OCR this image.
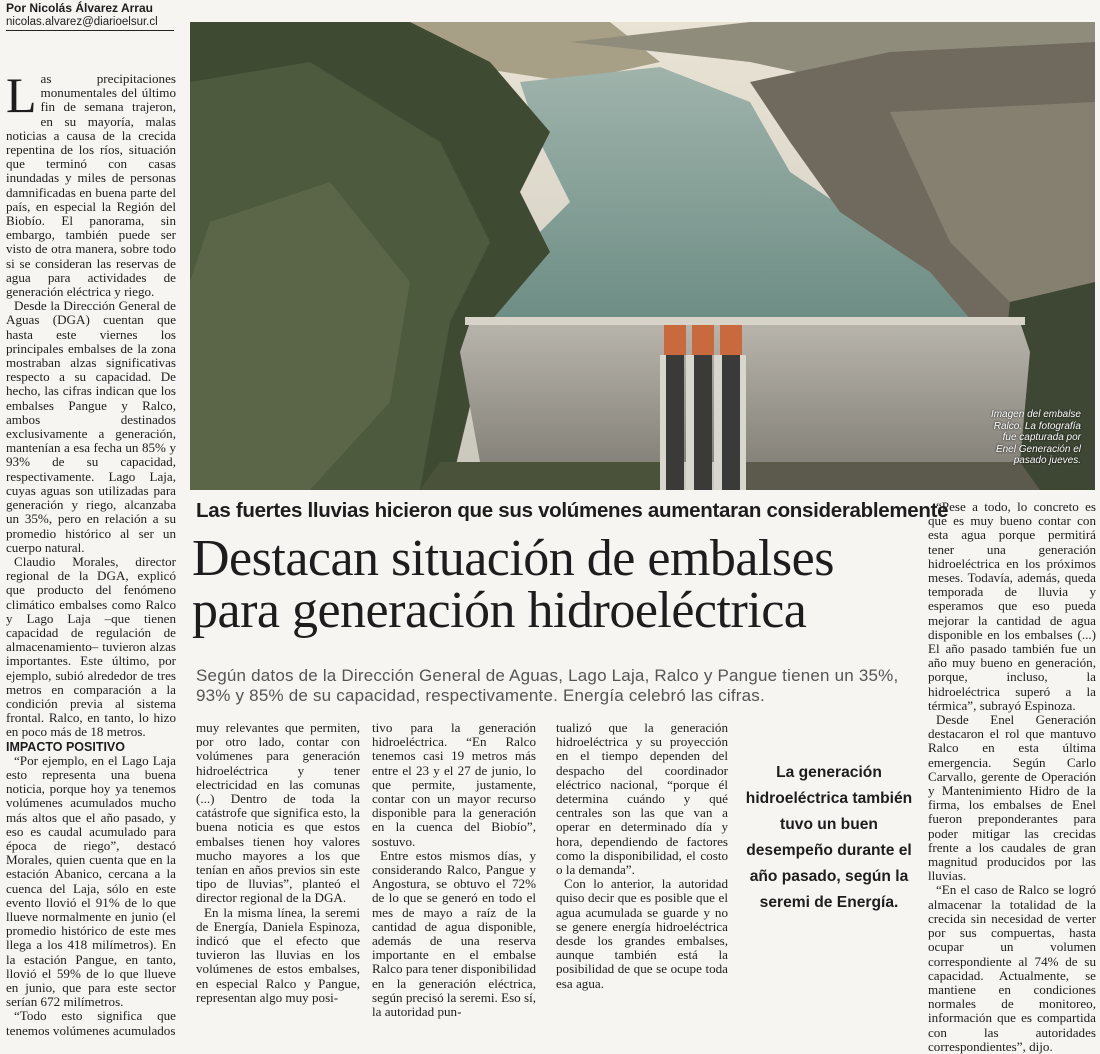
Por Nicolás Álvarez Arrau
nicolas.alvarez@diarioelsur.cl

Las precipitaciones monumentales del último fin de semana trajeron, en su mayoría, malas noticias a causa de la crecida repentina de los ríos, situación que terminó con casas inundadas y miles de personas damnificadas en buena parte del país, en especial la Región del Biobío. El panorama, sin embargo, también puede ser visto de otra manera, sobre todo si se consideran las reservas de agua para actividades de generación eléctrica y riego.

Desde la Dirección General de Aguas (DGA) cuentan que hasta este viernes los principales embalses de la zona mostraban alzas significativas respecto a su capacidad. De hecho, las cifras indican que los embalses Pangue y Ralco, ambos destinados exclusivamente a generación, mantenían a esa fecha un 85% y 93% de su capacidad, respectivamente. Lago Laja, cuyas aguas son utilizadas para generación y riego, alcanzaba un 35%, pero en relación a su promedio histórico al ser un cuerpo natural.

Claudio Morales, director regional de la DGA, explicó que producto del fenómeno climático embalses como Ralco y Lago Laja –que tienen capacidad de regulación de almacenamiento– tuvieron alzas importantes. Este último, por ejemplo, subió alrededor de tres metros en comparación a la condición previa al sistema frontal. Ralco, en tanto, lo hizo en poco más de 18 metros.

IMPACTO POSITIVO

“Por ejemplo, en el Lago Laja esto representa una buena noticia, porque hoy ya tenemos volúmenes acumulados mucho más altos que el año pasado, y eso es caudal acumulado para época de riego”, destacó Morales, quien cuenta que en la estación Abanico, cercana a la cuenca del Laja, sólo en este evento llovió el 91% de lo que llueve normalmente en junio (el promedio histórico de este mes llega a los 418 milímetros). En la estación Pangue, en tanto, llovió el 59% de lo que llueve en junio, que para este sector serían 672 milímetros.

“Todo esto significa que tenemos volúmenes acumulados

Imagen del embalse Ralco. La fotografía fue capturada por Enel Generación el pasado jueves.
Las fuertes lluvias hicieron que sus volúmenes aumentaran considerablemente
Destacan situación de embalses para generación hidroeléctrica
Según datos de la Dirección General de Aguas, Lago Laja, Ralco y Pangue tienen un 35%, 93% y 85% de su capacidad, respectivamente. Energía celebró las cifras.

muy relevantes que permiten, por otro lado, contar con volúmenes para generación hidroeléctrica y tener electricidad en las comunas (...) Dentro de toda la catástrofe que significa esto, la buena noticia es que estos embalses tienen hoy valores mucho mayores a los que tenían en años previos sin este tipo de lluvias”, planteó el director regional de la DGA.

En la misma línea, la seremi de Energía, Daniela Espinoza, indicó que el efecto que tuvieron las lluvias en los volúmenes de estos embalses, en especial Ralco y Pangue, representan algo muy posi-

tivo para la generación hidroeléctrica. “En Ralco tenemos casi 19 metros más entre el 23 y el 27 de junio, lo que permite, justamente, contar con un mayor recurso disponible para la generación en la cuenca del Biobío”, sostuvo.

Entre estos mismos días, y considerando Ralco, Pangue y Angostura, se obtuvo el 72% de lo que se generó en todo el mes de mayo a raíz de la cantidad de agua disponible, además de una reserva importante en el embalse Ralco para tener disponibilidad en la generación eléctrica, según precisó la seremi. Eso sí, la autoridad pun-

tualizó que la generación hidroeléctrica y su proyección en el tiempo dependen del despacho del coordinador eléctrico nacional, “porque él determina cuándo y qué centrales son las que van a operar en determinado día y hora, dependiendo de factores como la disponibilidad, el costo o la demanda”.

Con lo anterior, la autoridad quiso decir que es posible que el agua acumulada se guarde y no se genere energía hidroeléctrica desde los grandes embalses, aunque también está la posibilidad de que se ocupe toda esa agua.

La generación hidroeléctrica también tuvo un buen desempeño durante el año pasado, según la seremi de Energía.

“Pese a todo, lo concreto es que es muy bueno contar con esta agua porque permitirá tener una generación hidroeléctrica en los próximos meses. Todavía, además, queda temporada de lluvia y esperamos que eso pueda mejorar la cantidad de agua disponible en los embalses (...) El año pasado también fue un año muy bueno en generación, porque, incluso, la hidroeléctrica superó a la térmica”, subrayó Espinoza.

Desde Enel Generación destacaron el rol que mantuvo Ralco en esta última emergencia. Según Carlo Carvallo, gerente de Operación y Mantenimiento Hidro de la firma, los embalses de Enel fueron preponderantes para poder mitigar las crecidas frente a los caudales de gran magnitud producidos por las lluvias.

“En el caso de Ralco se logró almacenar la totalidad de la crecida sin necesidad de verter por sus compuertas, hasta ocupar un volumen correspondiente al 74% de su capacidad. Actualmente, se mantiene en condiciones normales de monitoreo, información que es compartida con las autoridades correspondientes”, dijo.
